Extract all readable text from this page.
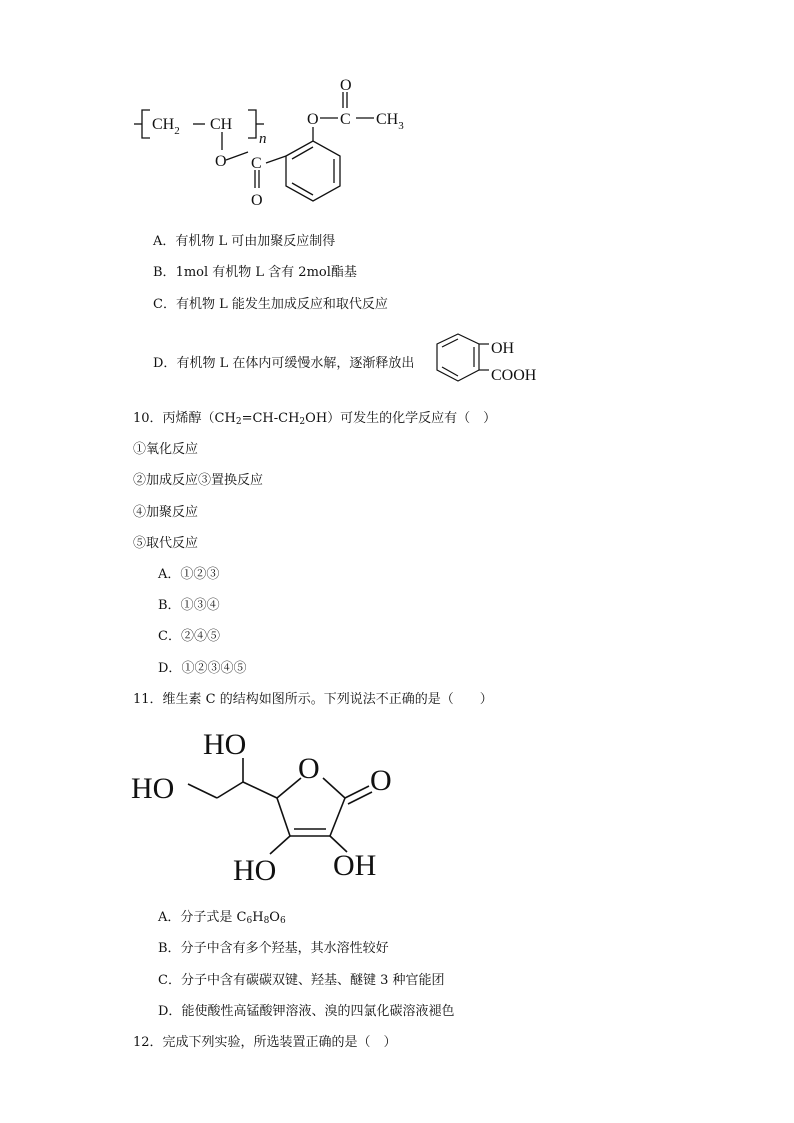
$CH_2$ CH
n
O C
O
O C
O
$CH_3$
A．有机物 L 可由加聚反应制得
B．1mol 有机物 L 含有 2mol酯基
C．有机物 L 能发生加成反应和取代反应
D．有机物 L 在体内可缓慢水解，逐渐释放出
OH
COOH
10．丙烯醇$(CH_2=CH-CH_2OH)$可发生的化学反应有（　）
①氧化反应
②加成反应③置换反应
④加聚反应
⑤取代反应
A．①②③
B．①③④
C．②④⑤
D．①②③④⑤
11．维生素 C 的结构如图所示。下列说法不正确的是（　　）
HO
HO
O O
HO OH
A．分子式是 $C_6H_8O_6$
B．分子中含有多个羟基，其水溶性较好
C．分子中含有碳碳双键、羟基、醚键 3 种官能团
D．能使酸性高锰酸钾溶液、溴的四氯化碳溶液褪色
12．完成下列实验，所选装置正确的是（　）
